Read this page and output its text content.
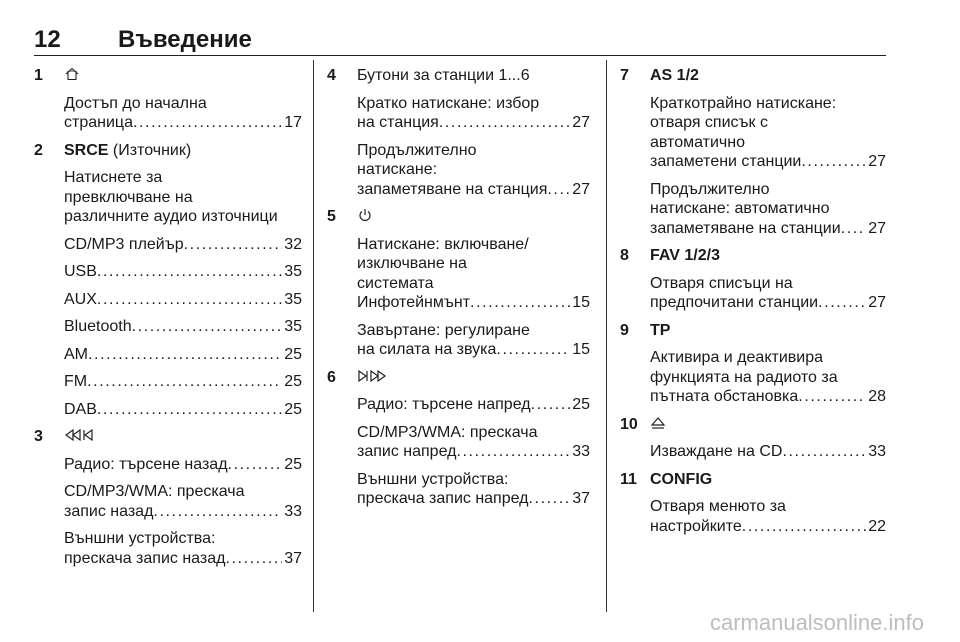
12 Въведение
1
Достъп до начална
страница .....	17
2 SRCE (Източник)
Натиснете за
превключване на
различните аудио източници
CD/MP3 плейър .....	32
USB .....	35
AUX .....	35
Bluetooth .....	35
AM .....	25
FM .....	25
DAB .....	25
3
Радио: търсене назад .....	25
CD/MP3/WMA: прескача
запис назад .....	33
Външни устройства:
прескача запис назад .....	37
4 Бутони за станции 1...6
Кратко натискане: избор
на станция .....	27
Продължително
натискане:
запаметяване на станция ..... 27
5
Натискане: включване/
изключване на
системата
Инфотейнмънт .....	15
Завъртане: регулиране
на силата на звука .....	15
6
Радио: търсене напред .....	25
CD/MP3/WMA: прескача
запис напред .....	33
Външни устройства:
прескача запис напред .....	37
7 AS 1/2
Краткотрайно натискане:
отваря списък с
автоматично
запаметени станции .....	27
Продължително
натискане: автоматично
запаметяване на станции ..... 27
8 FAV 1/2/3
Отваря списъци на
предпочитани станции .....	27
9 TP
Активира и деактивира
функцията на радиото за
пътната обстановка .....	28
10
Изваждане на CD .....	33
11 CONFIG
Отваря менюто за
настройките .....	22
carmanualsonline.info
